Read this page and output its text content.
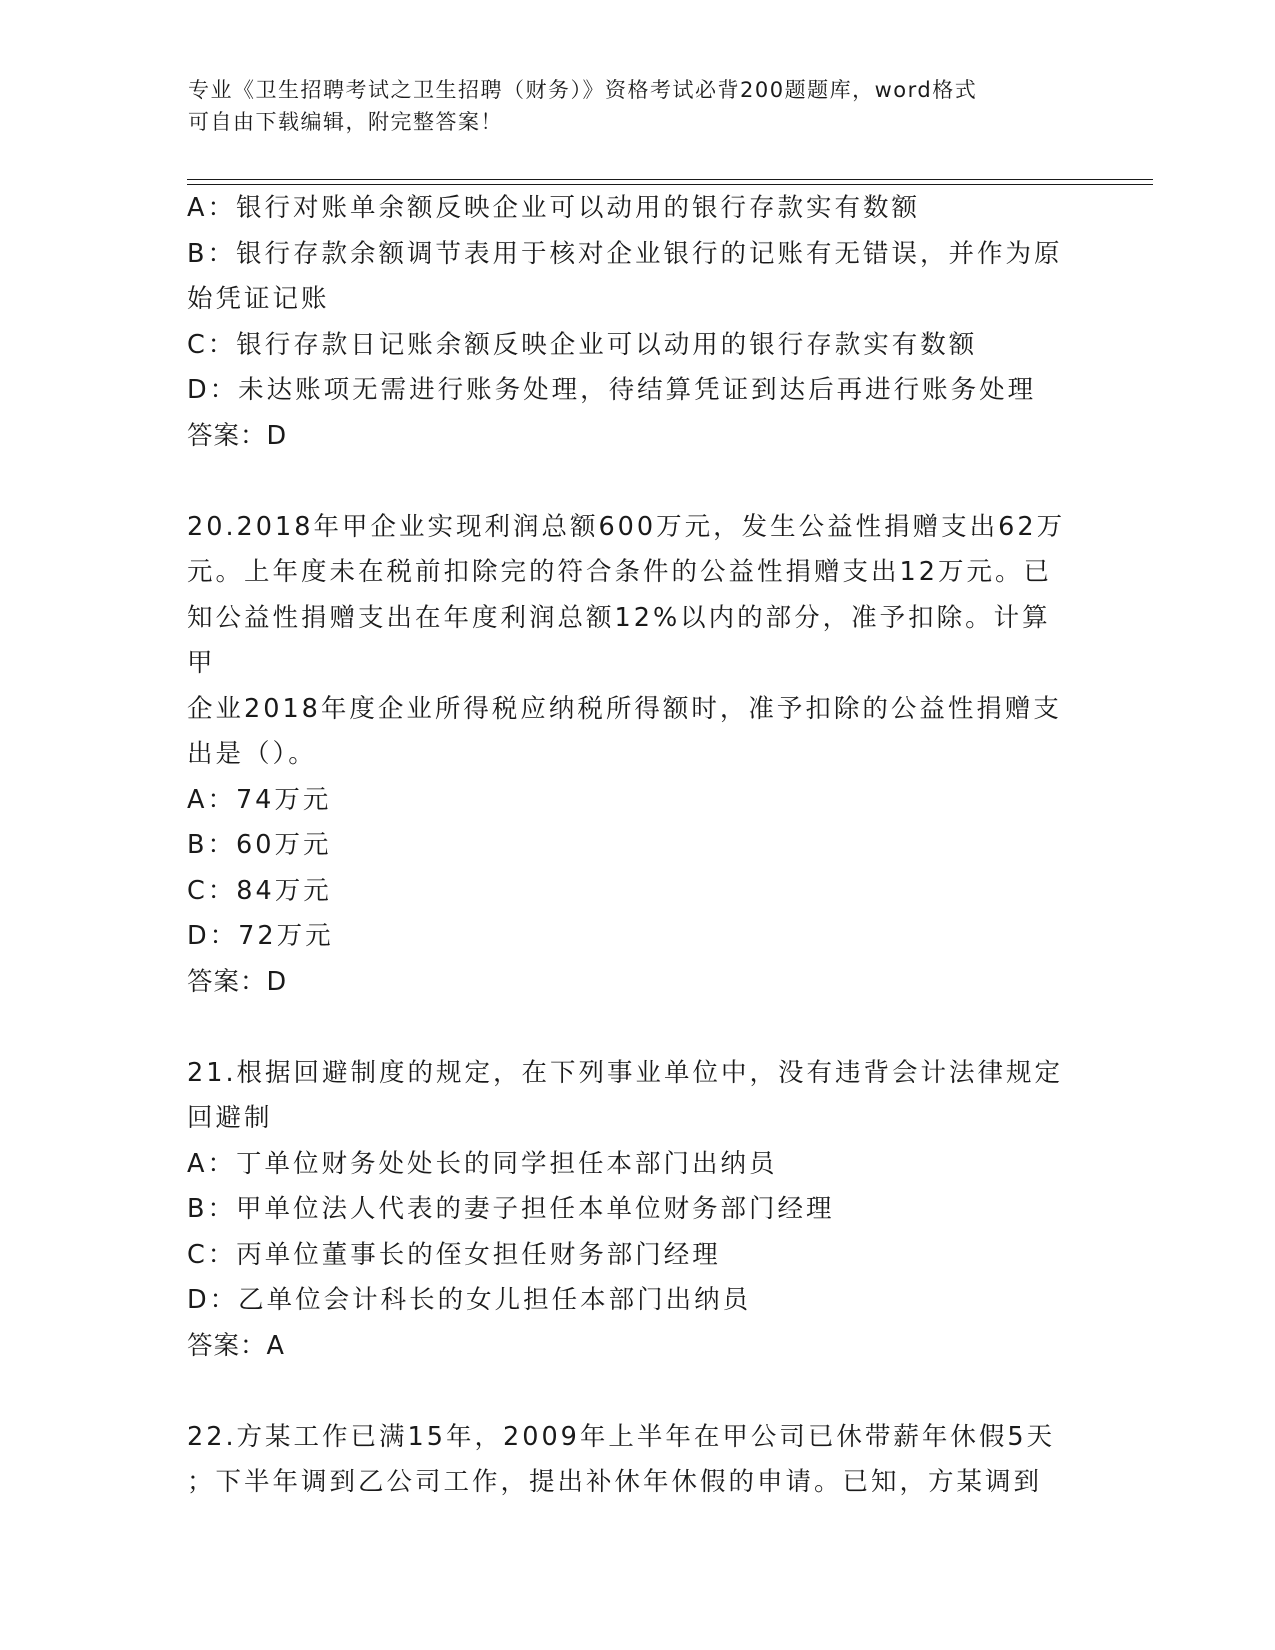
专业《卫生招聘考试之卫生招聘（财务）》资格考试必背200题题库，word格式
可自由下载编辑，附完整答案！
A：银行对账单余额反映企业可以动用的银行存款实有数额
B：银行存款余额调节表用于核对企业银行的记账有无错误，并作为原
始凭证记账
C：银行存款日记账余额反映企业可以动用的银行存款实有数额
D：未达账项无需进行账务处理，待结算凭证到达后再进行账务处理
答案：D
20.2018年甲企业实现利润总额600万元，发生公益性捐赠支出62万
元。上年度未在税前扣除完的符合条件的公益性捐赠支出12万元。已
知公益性捐赠支出在年度利润总额12%以内的部分，准予扣除。计算甲
企业2018年度企业所得税应纳税所得额时，准予扣除的公益性捐赠支
出是（）。
A：74万元
B：60万元
C：84万元
D：72万元
答案：D
21.根据回避制度的规定，在下列事业单位中，没有违背会计法律规定
回避制
A：丁单位财务处处长的同学担任本部门出纳员
B：甲单位法人代表的妻子担任本单位财务部门经理
C：丙单位董事长的侄女担任财务部门经理
D：乙单位会计科长的女儿担任本部门出纳员
答案：A
22.方某工作已满15年，2009年上半年在甲公司已休带薪年休假5天
；下半年调到乙公司工作，提出补休年休假的申请。已知，方某调到
